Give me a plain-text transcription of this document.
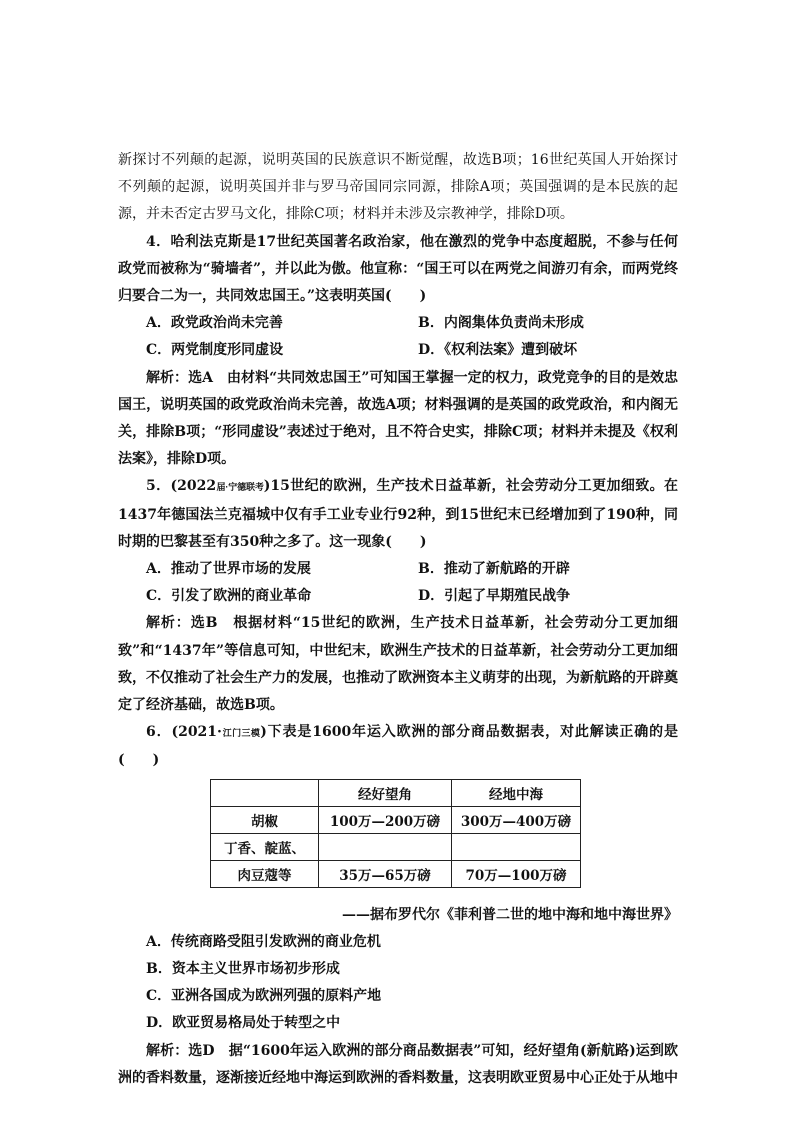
新探讨不列颠的起源，说明英国的民族意识不断觉醒，故选B项；16世纪英国人开始探讨不列颠的起源，说明英国并非与罗马帝国同宗同源，排除A项；英国强调的是本民族的起源，并未否定古罗马文化，排除C项；材料并未涉及宗教神学，排除D项。

4．哈利法克斯是17世纪英国著名政治家，他在激烈的党争中态度超脱，不参与任何政党而被称为“骑墙者”，并以此为傲。他宣称：“国王可以在两党之间游刃有余，而两党终归要合二为一，共同效忠国王。”这表明英国(　　)

A．政党政治尚未完善	B．内阁集体负责尚未形成
C．两党制度形同虚设	D．《权利法案》遭到破坏

解析：选A　由材料“共同效忠国王”可知国王掌握一定的权力，政党竞争的目的是效忠国王，说明英国的政党政治尚未完善，故选A项；材料强调的是英国的政党政治，和内阁无关，排除B项；“形同虚设”表述过于绝对，且不符合史实，排除C项；材料并未提及《权利法案》，排除D项。

5．(2022届·宁德联考)15世纪的欧洲，生产技术日益革新，社会劳动分工更加细致。在1437年德国法兰克福城中仅有手工业专业行92种，到15世纪末已经增加到了190种，同时期的巴黎甚至有350种之多了。这一现象(　　)

A．推动了世界市场的发展	B．推动了新航路的开辟
C．引发了欧洲的商业革命	D．引起了早期殖民战争

解析：选B　根据材料“15世纪的欧洲，生产技术日益革新，社会劳动分工更加细致”和“1437年”等信息可知，中世纪末，欧洲生产技术的日益革新，社会劳动分工更加细致，不仅推动了社会生产力的发展，也推动了欧洲资本主义萌芽的出现，为新航路的开辟奠定了经济基础，故选B项。

6．(2021·江门三模)下表是1600年运入欧洲的部分商品数据表，对此解读正确的是(　　)

	经好望角	经地中海
胡椒	100万—200万磅	300万—400万磅
丁香、靛蓝、		
肉豆蔻等	35万—65万磅	70万—100万磅
——据布罗代尔《菲利普二世的地中海和地中海世界》
A．传统商路受阻引发欧洲的商业危机
B．资本主义世界市场初步形成
C．亚洲各国成为欧洲列强的原料产地
D．欧亚贸易格局处于转型之中

解析：选D　据“1600年运入欧洲的部分商品数据表”可知，经好望角(新航路)运到欧洲的香料数量，逐渐接近经地中海运到欧洲的香料数量，这表明欧亚贸易中心正处于从地中
